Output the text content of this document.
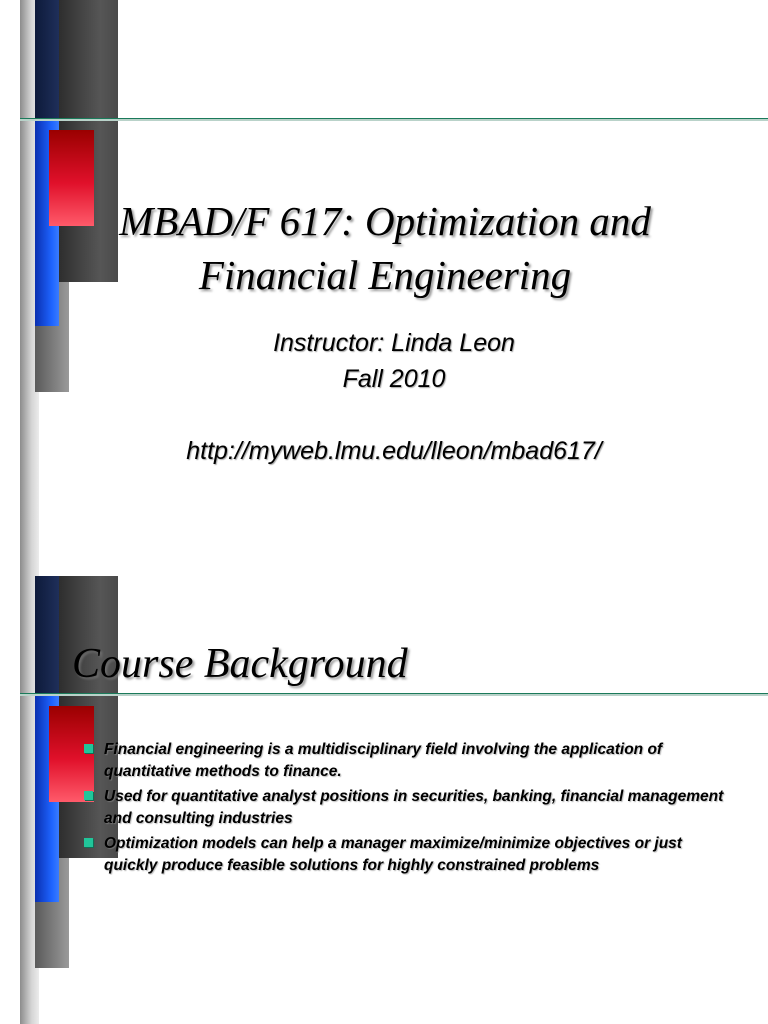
MBAD/F 617: Optimization and
Financial Engineering

Instructor: Linda Leon

Fall 2010

http://myweb.lmu.edu/lleon/mbad617/

Course Background
Financial engineering is a multidisciplinary field involving the application of quantitative methods to finance.
Used for quantitative analyst positions in securities, banking, financial management and consulting industries
Optimization models can help a manager maximize/minimize objectives or just quickly produce feasible solutions for highly constrained problems
